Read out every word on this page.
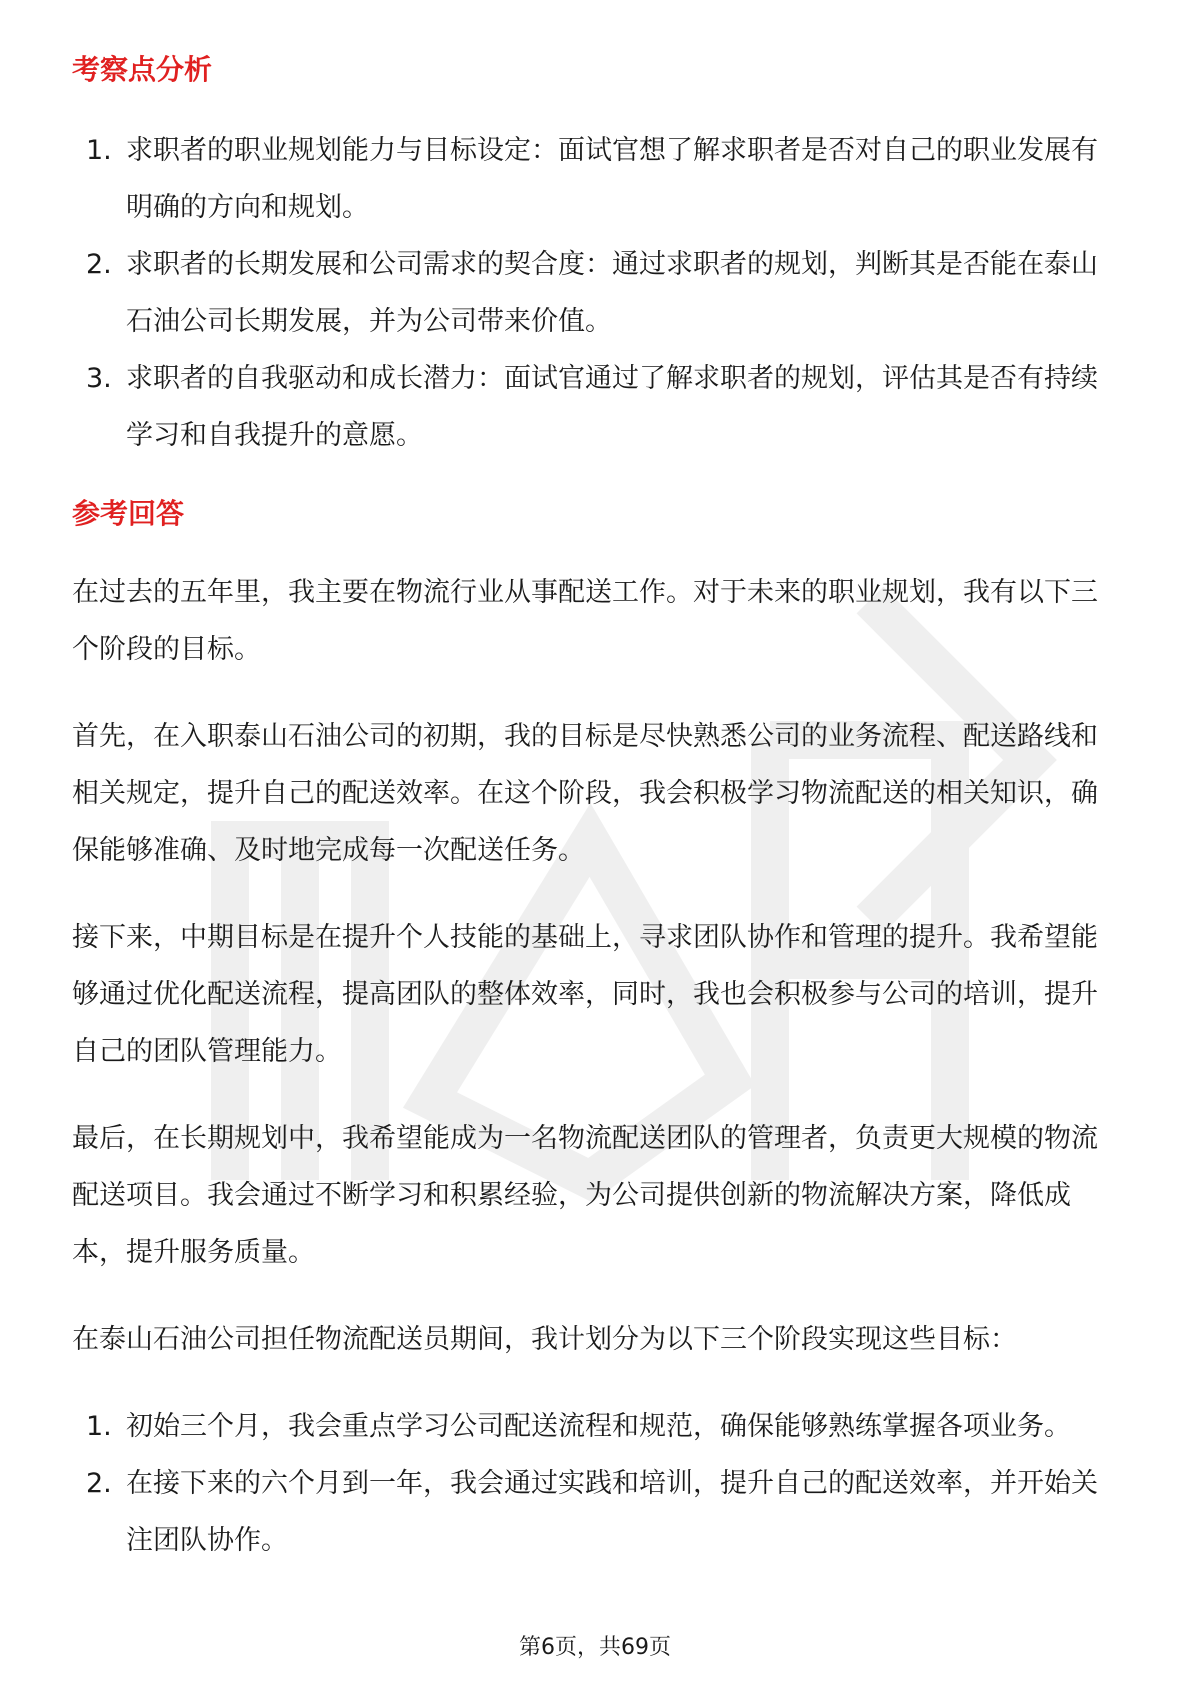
考察点分析
1. 求职者的职业规划能力与目标设定：面试官想了解求职者是否对自己的职业发展有明确的方向和规划。
2. 求职者的长期发展和公司需求的契合度：通过求职者的规划，判断其是否能在泰山石油公司长期发展，并为公司带来价值。
3. 求职者的自我驱动和成长潜力：面试官通过了解求职者的规划，评估其是否有持续学习和自我提升的意愿。
参考回答

在过去的五年里，我主要在物流行业从事配送工作。对于未来的职业规划，我有以下三个阶段的目标。

首先，在入职泰山石油公司的初期，我的目标是尽快熟悉公司的业务流程、配送路线和相关规定，提升自己的配送效率。在这个阶段，我会积极学习物流配送的相关知识，确保能够准确、及时地完成每一次配送任务。

接下来，中期目标是在提升个人技能的基础上，寻求团队协作和管理的提升。我希望能够通过优化配送流程，提高团队的整体效率，同时，我也会积极参与公司的培训，提升自己的团队管理能力。

最后，在长期规划中，我希望能成为一名物流配送团队的管理者，负责更大规模的物流配送项目。我会通过不断学习和积累经验，为公司提供创新的物流解决方案，降低成本，提升服务质量。

在泰山石油公司担任物流配送员期间，我计划分为以下三个阶段实现这些目标：

1. 初始三个月，我会重点学习公司配送流程和规范，确保能够熟练掌握各项业务。
2. 在接下来的六个月到一年，我会通过实践和培训，提升自己的配送效率，并开始关注团队协作。
第6页，共69页
